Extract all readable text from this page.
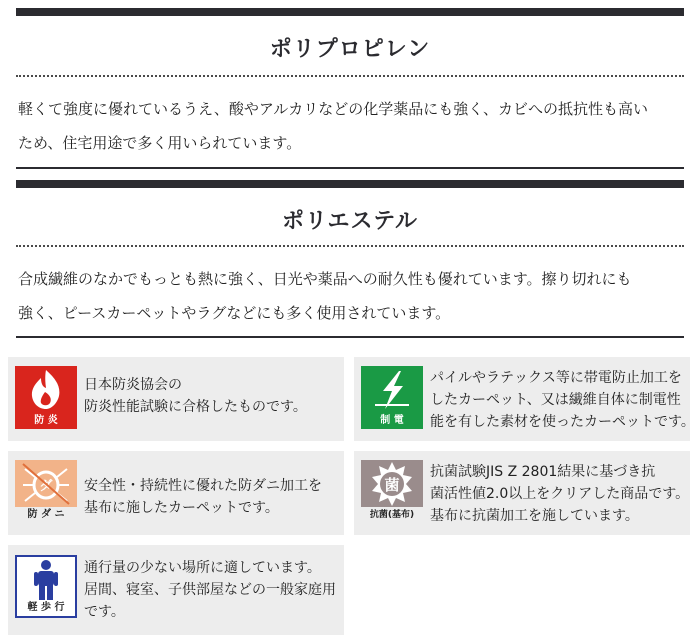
ポリプロピレン

軽くて強度に優れているうえ、酸やアルカリなどの化学薬品にも強く、カビへの抵抗性も高い

ため、住宅用途で多く用いられています。

ポリエステル

合成繊維のなかでもっとも熱に強く、日光や薬品への耐久性も優れています。擦り切れにも

強く、ピースカーペットやラグなどにも多く使用されています。

防 炎
日本防炎協会の
防炎性能試験に合格したものです。
制 電
パイルやラテックス等に帯電防止加工を
したカーペット、又は繊維自体に制電性
能を有した素材を使ったカーペットです。
ダ
防 ダ ニ
安全性・持続性に優れた防ダニ加工を
基布に施したカーペットです。
菌
抗菌(基布)
抗菌試験JIS Z 2801結果に基づき抗
菌活性値2.0以上をクリアした商品です。
基布に抗菌加工を施しています。
軽 歩 行
通行量の少ない場所に適しています。
居間、寝室、子供部屋などの一般家庭用
です。
